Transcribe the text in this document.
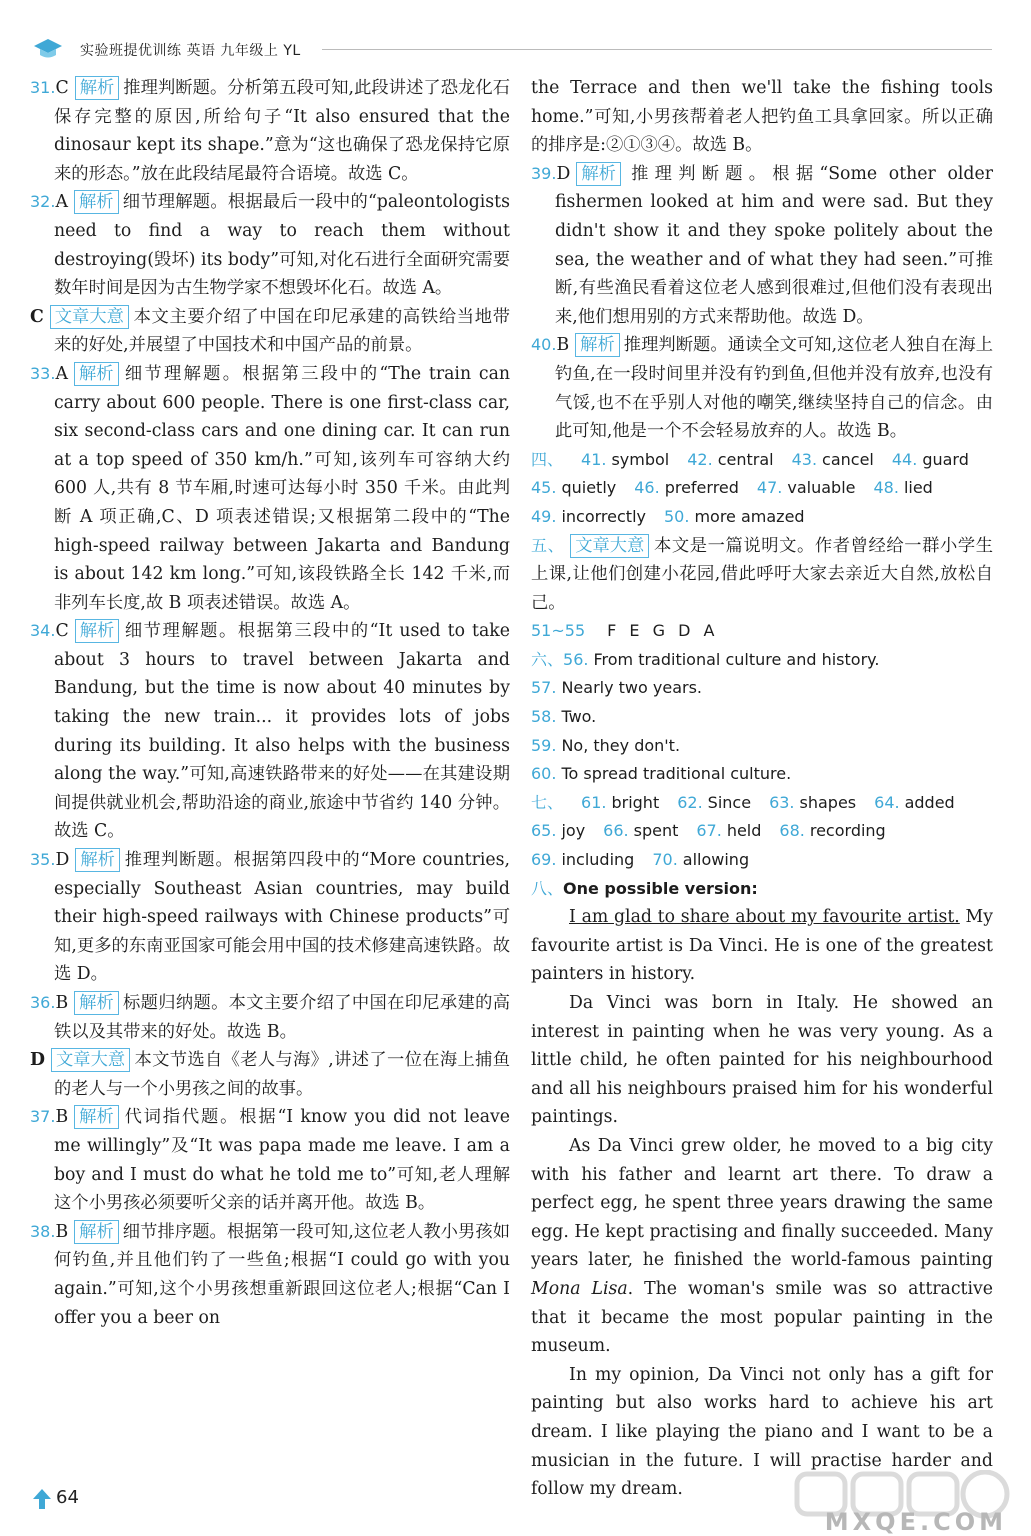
实验班提优训练 英语 九年级上 YL

31.C 解析 推理判断题。分析第五段可知,此段讲述了恐龙化石保存完整的原因,所给句子“It also ensured that the dinosaur kept its shape.”意为“这也确保了恐龙保持它原来的形态。”放在此段结尾最符合语境。故选 C。

32.A 解析 细节理解题。根据最后一段中的“paleontologists need to find a way to reach them without destroying(毁坏) its body”可知,对化石进行全面研究需要数年时间是因为古生物学家不想毁坏化石。故选 A。

C 文章大意 本文主要介绍了中国在印尼承建的高铁给当地带来的好处,并展望了中国技术和中国产品的前景。

33.A 解析 细节理解题。根据第三段中的“The train can carry about 600 people. There is one first-class car, six second-class cars and one dining car. It can run at a top speed of 350 km/h.”可知,该列车可容纳大约 600 人,共有 8 节车厢,时速可达每小时 350 千米。由此判断 A 项正确,C、D 项表述错误;又根据第二段中的“The high-speed railway between Jakarta and Bandung is about 142 km long.”可知,该段铁路全长 142 千米,而非列车长度,故 B 项表述错误。故选 A。

34.C 解析 细节理解题。根据第三段中的“It used to take about 3 hours to travel between Jakarta and Bandung, but the time is now about 40 minutes by taking the new train... it provides lots of jobs during its building. It also helps with the business along the way.”可知,高速铁路带来的好处——在其建设期间提供就业机会,帮助沿途的商业,旅途中节省约 140 分钟。故选 C。

35.D 解析 推理判断题。根据第四段中的“More countries, especially Southeast Asian countries, may build their high-speed railways with Chinese products”可知,更多的东南亚国家可能会用中国的技术修建高速铁路。故选 D。

36.B 解析 标题归纳题。本文主要介绍了中国在印尼承建的高铁以及其带来的好处。故选 B。

D 文章大意 本文节选自《老人与海》,讲述了一位在海上捕鱼的老人与一个小男孩之间的故事。

37.B 解析 代词指代题。根据“I know you did not leave me willingly”及“It was papa made me leave. I am a boy and I must do what he told me to”可知,老人理解这个小男孩必须要听父亲的话并离开他。故选 B。

38.B 解析 细节排序题。根据第一段可知,这位老人教小男孩如何钓鱼,并且他们钓了一些鱼;根据“I could go with you again.”可知,这个小男孩想重新跟回这位老人;根据“Can I offer you a beer on

the Terrace and then we'll take the fishing tools home.”可知,小男孩帮着老人把钓鱼工具拿回家。所以正确的排序是:②①③④。故选 B。

39.D 解析 推理判断题。根据“Some other older fishermen looked at him and were sad. But they didn't show it and they spoke politely about the sea, the weather and of what they had seen.”可推断,有些渔民看着这位老人感到很难过,但他们没有表现出来,他们想用别的方式来帮助他。故选 D。

40.B 解析 推理判断题。通读全文可知,这位老人独自在海上钓鱼,在一段时间里并没有钓到鱼,但他并没有放弃,也没有气馁,也不在乎别人对他的嘲笑,继续坚持自己的信念。由此可知,他是一个不会轻易放弃的人。故选 B。

四、 41. symbol 42. central 43. cancel 44. guard
45. quietly 46. preferred 47. valuable 48. lied
49. incorrectly 50. more amazed

五、 文章大意 本文是一篇说明文。作者曾经给一群小学生上课,让他们创建小花园,借此呼吁大家去亲近大自然,放松自己。

51~55 F E G D A

六、56. From traditional culture and history.

57. Nearly two years.

58. Two.

59. No, they don't.

60. To spread traditional culture.

七、 61. bright 62. Since 63. shapes 64. added
65. joy 66. spent 67. held 68. recording
69. including 70. allowing

八、One possible version:

I am glad to share about my favourite artist. My favourite artist is Da Vinci. He is one of the greatest painters in history.

Da Vinci was born in Italy. He showed an interest in painting when he was very young. As a little child, he often painted for his neighbourhood and all his neighbours praised him for his wonderful paintings.

As Da Vinci grew older, he moved to a big city with his father and learnt art there. To draw a perfect egg, he spent three years drawing the same egg. He kept practising and finally succeeded. Many years later, he finished the world-famous painting Mona Lisa. The woman's smile was so attractive that it became the most popular painting in the museum.

In my opinion, Da Vinci not only has a gift for painting but also works hard to achieve his art dream. I like playing the piano and I want to be a musician in the future. I will practise harder and follow my dream.

64
MXQE.COM
